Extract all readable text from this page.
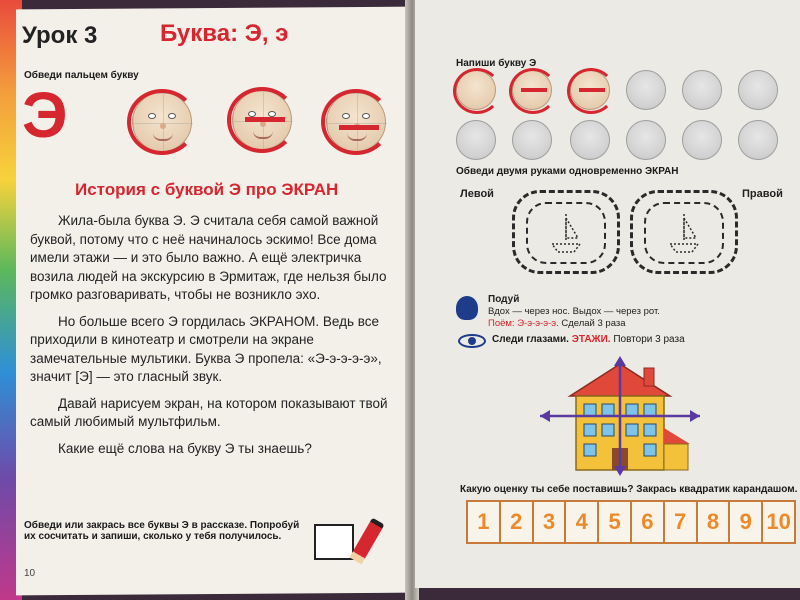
Урок 3	Буква: Э, э
Обведи пальцем букву
Э
История с буквой Э про ЭКРАН

Жила-была буква Э. Э считала себя самой важной буквой, потому что с неё начиналось эскимо! Все дома имели этажи — и это было важно. А ещё электричка возила людей на экскурсию в Эрмитаж, где нельзя было громко разговаривать, чтобы не возникло эхо.

Но больше всего Э гордилась ЭКРАНОМ. Ведь все приходили в кинотеатр и смотрели на экране замечательные мультики. Буква Э пропела: «Э-э-э-э-э», значит [Э] — это гласный звук.

Давай нарисуем экран, на котором показывают твой самый любимый мультфильм.

Какие ещё слова на букву Э ты знаешь?

Обведи или закрась все буквы Э в рассказе. Попробуй их сосчитать и запиши, сколько у тебя получилось.
10
Напиши букву Э
Обведи двумя руками одновременно ЭКРАН
Левой	Правой
Подуй
Вдох — через нос. Выдох — через рот.
Поём: Э-э-э-э-э. Сделай 3 раза
Следи глазами. ЭТАЖИ. Повтори 3 раза
Какую оценку ты себе поставишь? Закрась квадратик карандашом.
1 2 3 4 5 6 7 8 9 10
